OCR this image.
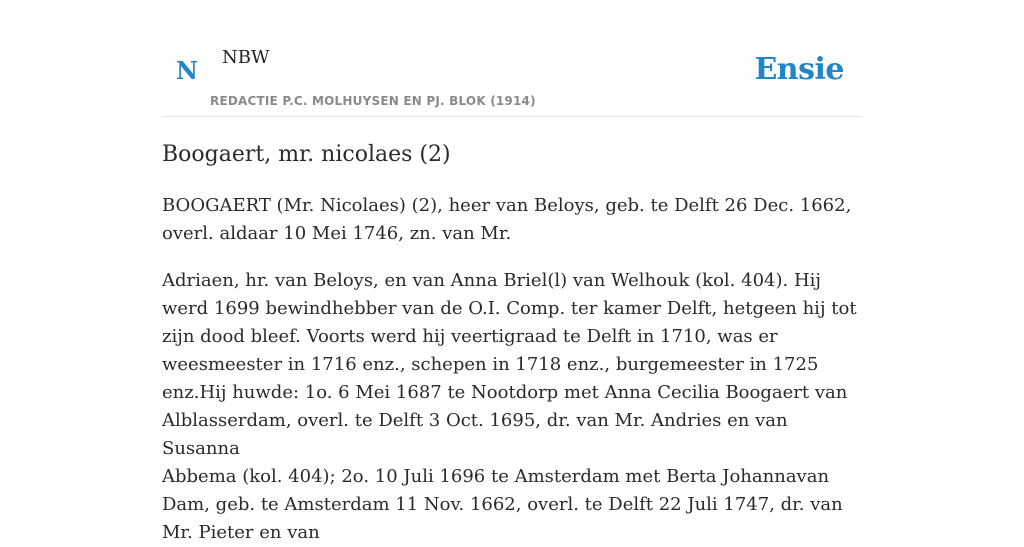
N NBW
REDACTIE P.C. MOLHUYSEN EN PJ. BLOK (1914)
Ensie
Boogaert, mr. nicolaes (2)

BOOGAERT (Mr. Nicolaes) (2), heer van Beloys, geb. te Delft 26 Dec. 1662, overl. aldaar 10 Mei 1746, zn. van Mr.

Adriaen, hr. van Beloys, en van Anna Briel(l) van Welhouk (kol. 404). Hij werd 1699 bewindhebber van de O.I. Comp. ter kamer Delft, hetgeen hij tot zijn dood bleef. Voorts werd hij veertigraad te Delft in 1710, was er weesmeester in 1716 enz., schepen in 1718 enz., burgemeester in 1725 enz.Hij huwde: 1o. 6 Mei 1687 te Nootdorp met Anna Cecilia Boogaert van Alblasserdam, overl. te Delft 3 Oct. 1695, dr. van Mr. Andries en van Susanna

Abbema (kol. 404); 2o. 10 Juli 1696 te Amsterdam met Berta Johannavan Dam, geb. te Amsterdam 11 Nov. 1662, overl. te Delft 22 Juli 1747, dr. van Mr. Pieter en van
